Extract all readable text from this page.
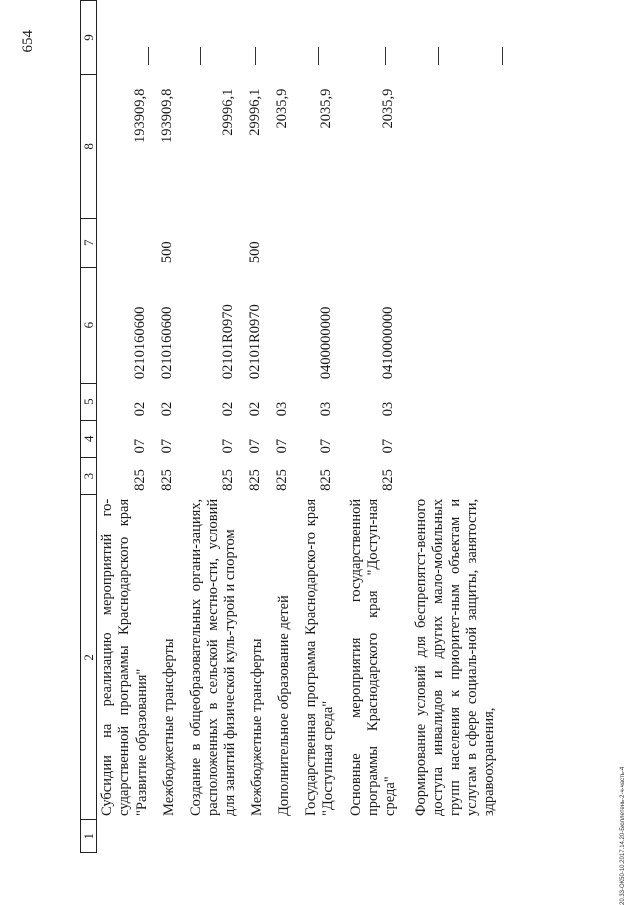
654
1	2	3	4	5	6	7	8	9
	Субсидии на реализацию мероприятий го-сударственной программы Краснодарского края "Развитие образования"	825	07	02	0210160600		193909,8	
	Межбюджетные трансферты	825	07	02	0210160600	500	193909,8	
	Создание в общеобразовательных органи-зациях, расположенных в сельской местно-сти, условий для занятий физической куль-турой и спортом	825	07	02	02101R0970		29996,1	
	Межбюджетные трансферты	825	07	02	02101R0970	500	29996,1	
	Дополнительное образование детей	825	07	03			2035,9	
	Государственная программа Краснодарско-го края "Доступная среда"	825	07	03	0400000000		2035,9	
	Основные мероприятия государственной программы Краснодарского края "Доступ-ная среда"	825	07	03	0410000000		2035,9	
	Формирование условий для беспрепятст-венного доступа инвалидов и других мало-мобильных групп населения к приоритет-ным объектам и услугам в сфере социаль-ной защиты, занятости, здравоохранения,							
20.33-ОК50-10.2017.14.20-Бюллетень-2-ч-часть-4
